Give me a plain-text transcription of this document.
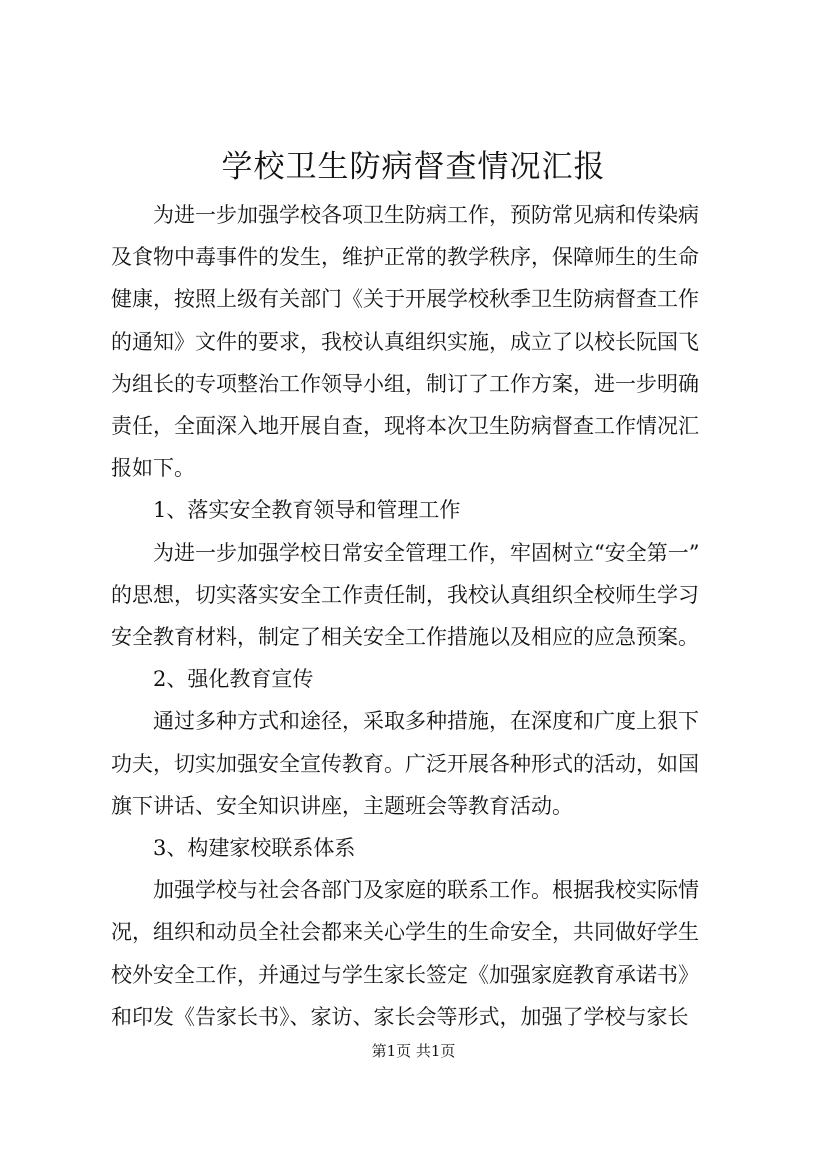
学校卫生防病督查情况汇报

为进一步加强学校各项卫生防病工作，预防常见病和传染病
及食物中毒事件的发生，维护正常的教学秩序，保障师生的生命
健康，按照上级有关部门《关于开展学校秋季卫生防病督查工作
的通知》文件的要求，我校认真组织实施，成立了以校长阮国飞
为组长的专项整治工作领导小组，制订了工作方案，进一步明确
责任，全面深入地开展自查，现将本次卫生防病督查工作情况汇
报如下。

1、落实安全教育领导和管理工作

为进一步加强学校日常安全管理工作，牢固树立“安全第一”
的思想，切实落实安全工作责任制，我校认真组织全校师生学习
安全教育材料，制定了相关安全工作措施以及相应的应急预案。

2、强化教育宣传

通过多种方式和途径，采取多种措施，在深度和广度上狠下
功夫，切实加强安全宣传教育。广泛开展各种形式的活动，如国
旗下讲话、安全知识讲座，主题班会等教育活动。

3、构建家校联系体系

加强学校与社会各部门及家庭的联系工作。根据我校实际情
况，组织和动员全社会都来关心学生的生命安全，共同做好学生
校外安全工作，并通过与学生家长签定《加强家庭教育承诺书》
和印发《告家长书》、家访、家长会等形式，加强了学校与家长

第1页 共1页
